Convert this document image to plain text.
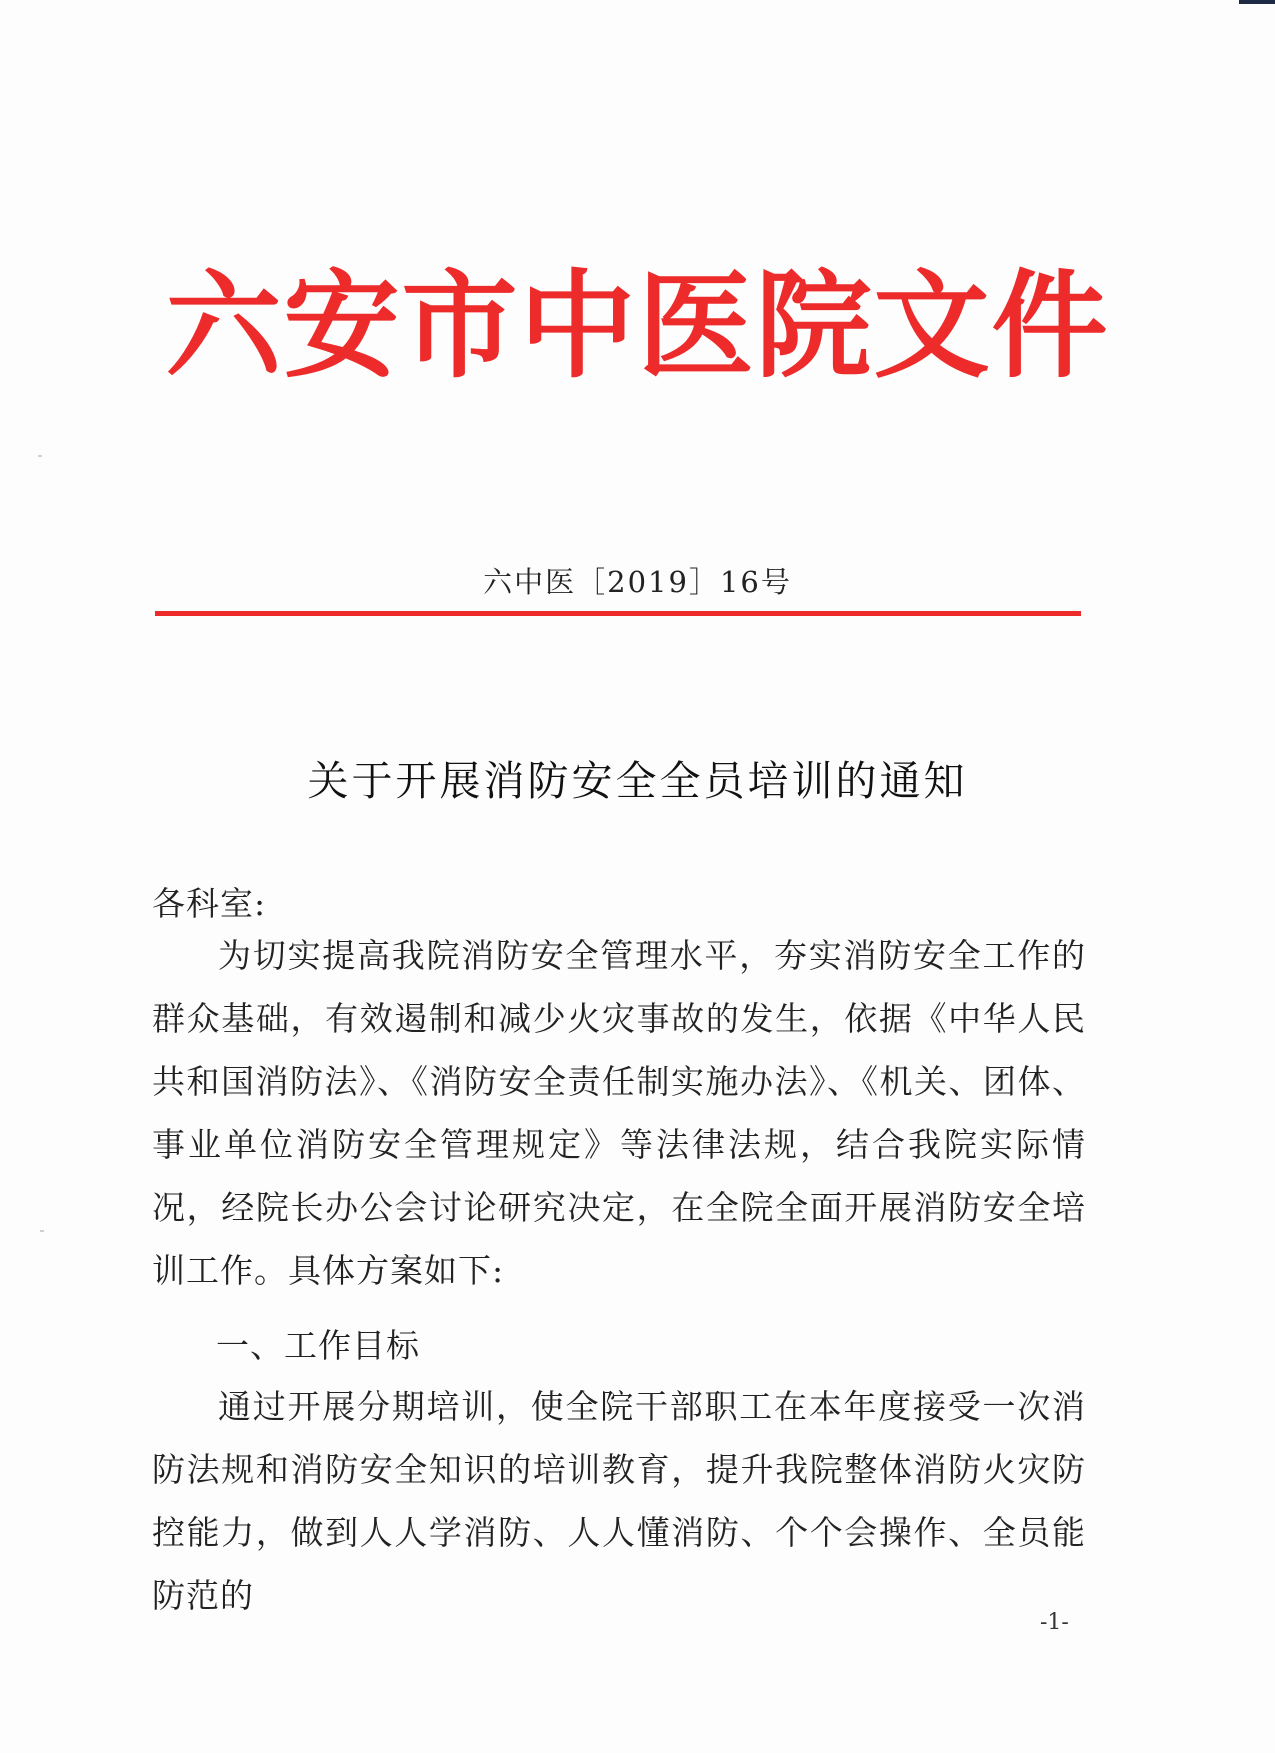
六安市中医院文件
六中医［2019］16号
关于开展消防安全全员培训的通知
各科室:

为切实提高我院消防安全管理水平，夯实消防安全工作的群众基础，有效遏制和减少火灾事故的发生，依据《中华人民共和国消防法》、《消防安全责任制实施办法》、《机关、团体、事业单位消防安全管理规定》等法律法规，结合我院实际情况，经院长办公会讨论研究决定，在全院全面开展消防安全培训工作。具体方案如下:

一、工作目标

通过开展分期培训，使全院干部职工在本年度接受一次消防法规和消防安全知识的培训教育，提升我院整体消防火灾防控能力，做到人人学消防、人人懂消防、个个会操作、全员能防范的

-1-
